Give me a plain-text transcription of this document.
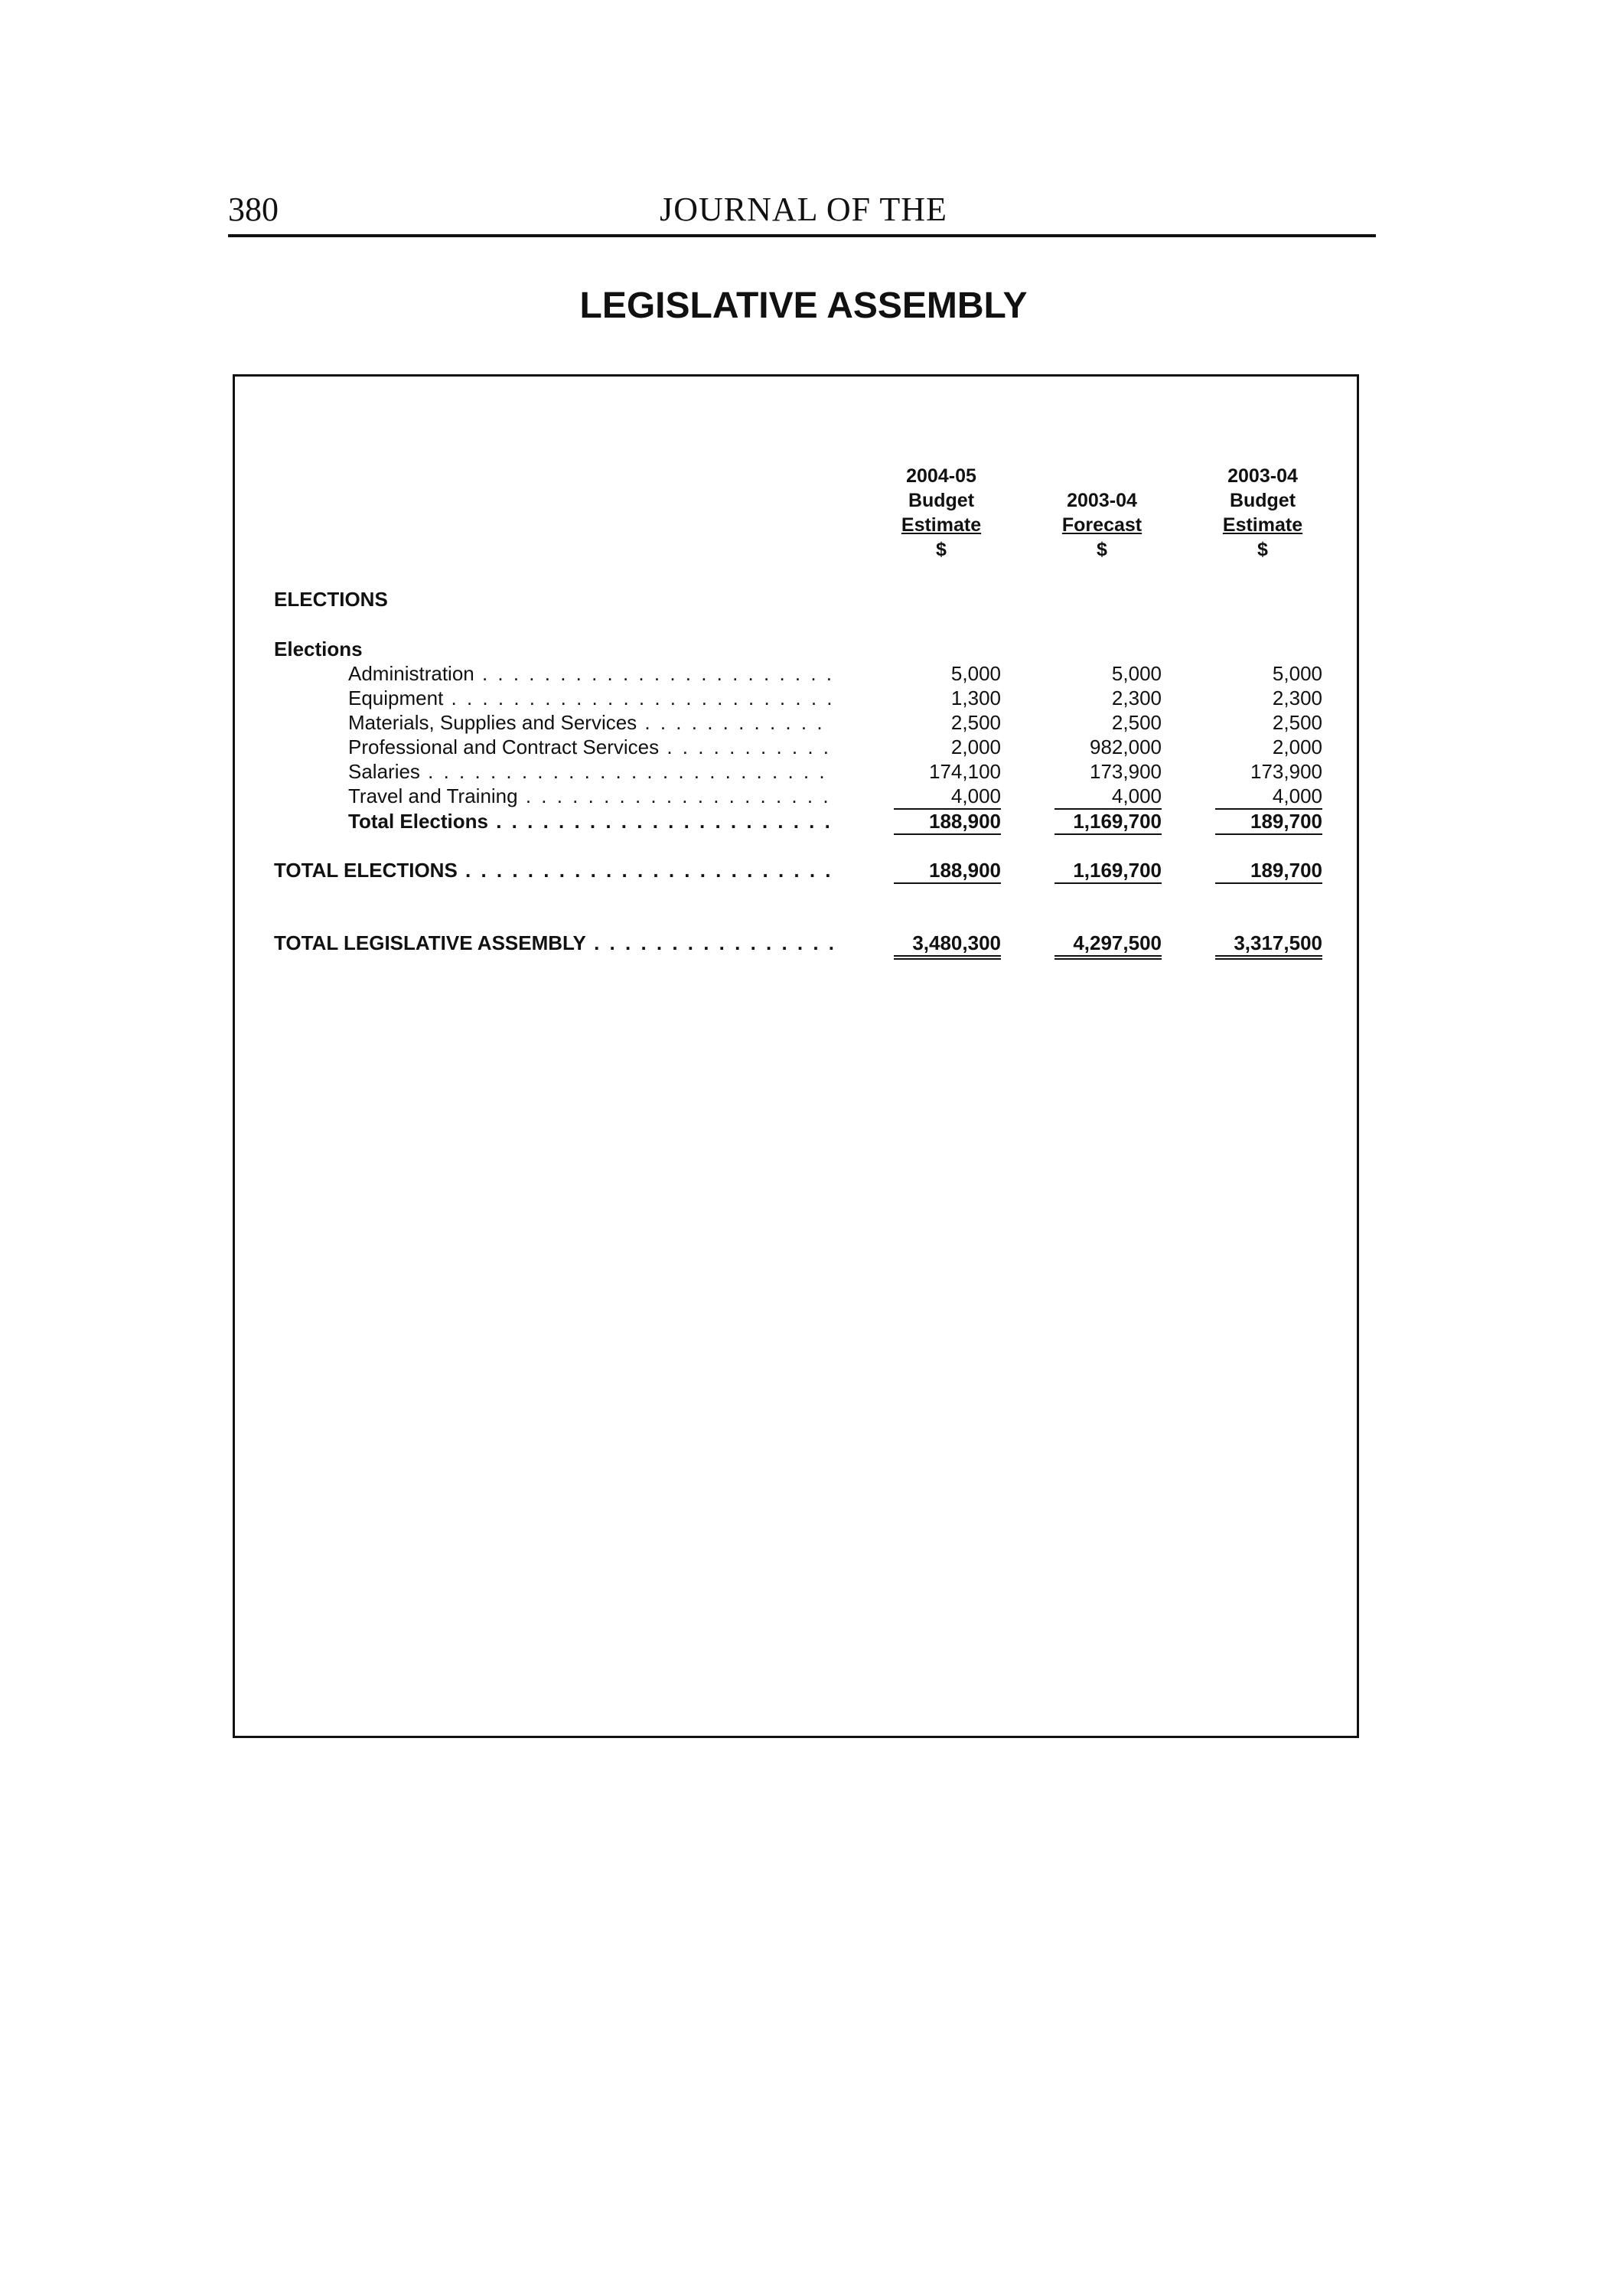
380	JOURNAL OF THE
LEGISLATIVE ASSEMBLY
2004-05
Budget
Estimate
$
2003-04
Forecast
$
2003-04
Budget
Estimate
$
ELECTIONS
Elections
Administration . . .	5,000	5,000	5,000
Equipment . . .	1,300	2,300	2,300
Materials, Supplies and Services . . .	2,500	2,500	2,500
Professional and Contract Services . . .	2,000	982,000	2,000
Salaries . . .	174,100	173,900	173,900
Travel and Training . . .	4,000	4,000	4,000
Total Elections . . .	188,900	1,169,700	189,700
TOTAL ELECTIONS . . .	188,900	1,169,700	189,700
TOTAL LEGISLATIVE ASSEMBLY . . .	3,480,300	4,297,500	3,317,500
